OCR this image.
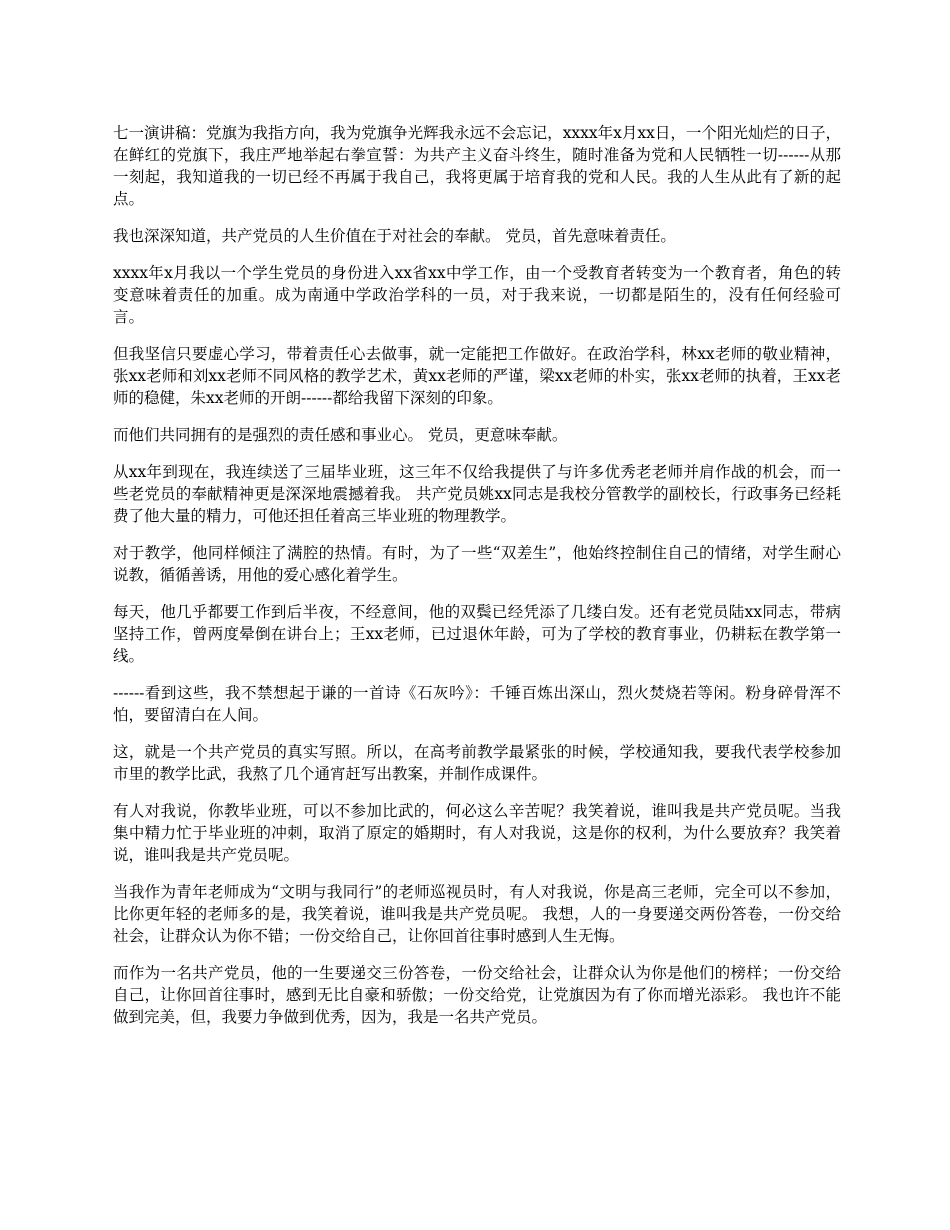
七一演讲稿：党旗为我指方向，我为党旗争光辉我永远不会忘记，xxxx年x月xx日，一个阳光灿烂的日子，在鲜红的党旗下，我庄严地举起右拳宣誓：为共产主义奋斗终生，随时准备为党和人民牺牲一切------从那一刻起，我知道我的一切已经不再属于我自己，我将更属于培育我的党和人民。我的人生从此有了新的起点。

我也深深知道，共产党员的人生价值在于对社会的奉献。 党员，首先意味着责任。

xxxx年x月我以一个学生党员的身份进入xx省xx中学工作，由一个受教育者转变为一个教育者，角色的转变意味着责任的加重。成为南通中学政治学科的一员，对于我来说，一切都是陌生的，没有任何经验可言。

但我坚信只要虚心学习，带着责任心去做事，就一定能把工作做好。在政治学科，林xx老师的敬业精神，张xx老师和刘xx老师不同风格的教学艺术，黄xx老师的严谨，梁xx老师的朴实，张xx老师的执着，王xx老师的稳健，朱xx老师的开朗------都给我留下深刻的印象。

而他们共同拥有的是强烈的责任感和事业心。 党员，更意味奉献。

从xx年到现在，我连续送了三届毕业班，这三年不仅给我提供了与许多优秀老老师并肩作战的机会，而一些老党员的奉献精神更是深深地震撼着我。 共产党员姚xx同志是我校分管教学的副校长，行政事务已经耗费了他大量的精力，可他还担任着高三毕业班的物理教学。

对于教学，他同样倾注了满腔的热情。有时，为了一些“双差生”，他始终控制住自己的情绪，对学生耐心说教，循循善诱，用他的爱心感化着学生。

每天，他几乎都要工作到后半夜，不经意间，他的双鬓已经凭添了几缕白发。还有老党员陆xx同志，带病坚持工作，曾两度晕倒在讲台上；王xx老师，已过退休年龄，可为了学校的教育事业，仍耕耘在教学第一线。

------看到这些，我不禁想起于谦的一首诗《石灰吟》：千锤百炼出深山，烈火焚烧若等闲。粉身碎骨浑不怕，要留清白在人间。

这，就是一个共产党员的真实写照。所以，在高考前教学最紧张的时候，学校通知我，要我代表学校参加市里的教学比武，我熬了几个通宵赶写出教案，并制作成课件。

有人对我说，你教毕业班，可以不参加比武的，何必这么辛苦呢？我笑着说，谁叫我是共产党员呢。当我集中精力忙于毕业班的冲刺，取消了原定的婚期时，有人对我说，这是你的权利，为什么要放弃？我笑着说，谁叫我是共产党员呢。

当我作为青年老师成为“文明与我同行”的老师巡视员时，有人对我说，你是高三老师，完全可以不参加，比你更年轻的老师多的是，我笑着说，谁叫我是共产党员呢。 我想，人的一身要递交两份答卷，一份交给社会，让群众认为你不错；一份交给自己，让你回首往事时感到人生无悔。

而作为一名共产党员，他的一生要递交三份答卷，一份交给社会，让群众认为你是他们的榜样；一份交给自己，让你回首往事时，感到无比自豪和骄傲；一份交给党，让党旗因为有了你而增光添彩。 我也许不能做到完美，但，我要力争做到优秀，因为，我是一名共产党员。
